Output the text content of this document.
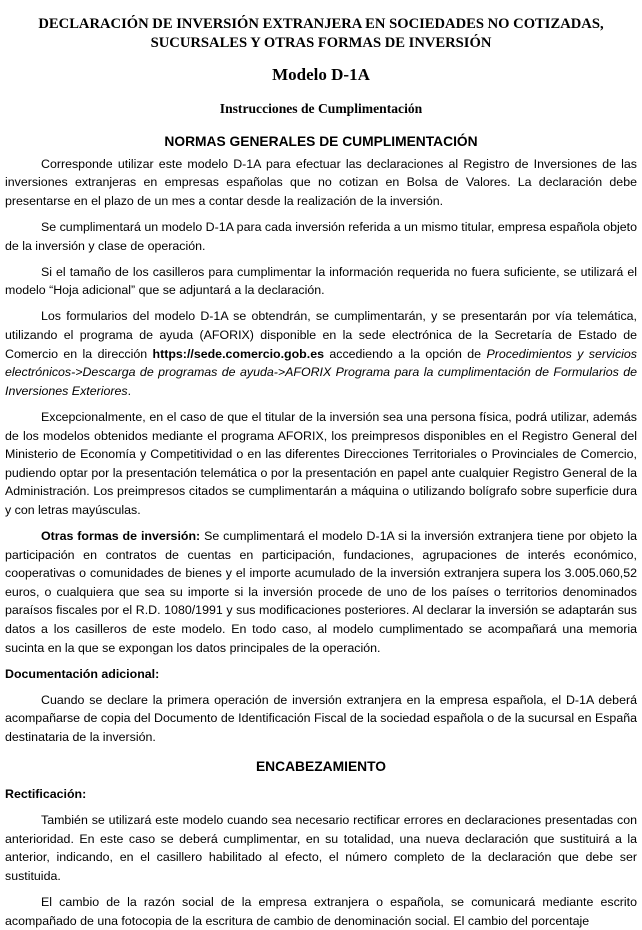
DECLARACIÓN DE INVERSIÓN EXTRANJERA EN SOCIEDADES NO COTIZADAS,
SUCURSALES Y OTRAS FORMAS DE INVERSIÓN
Modelo D-1A
Instrucciones de Cumplimentación
NORMAS GENERALES DE CUMPLIMENTACIÓN

Corresponde utilizar este modelo D-1A para efectuar las declaraciones al Registro de Inversiones de las inversiones extranjeras en empresas españolas que no cotizan en Bolsa de Valores. La declaración debe presentarse en el plazo de un mes a contar desde la realización de la inversión.

Se cumplimentará un modelo D-1A para cada inversión referida a un mismo titular, empresa española objeto de la inversión y clase de operación.

Si el tamaño de los casilleros para cumplimentar la información requerida no fuera suficiente, se utilizará el modelo “Hoja adicional” que se adjuntará a la declaración.

Los formularios del modelo D-1A se obtendrán, se cumplimentarán, y se presentarán por vía telemática, utilizando el programa de ayuda (AFORIX) disponible en la sede electrónica de la Secretaría de Estado de Comercio en la dirección https://sede.comercio.gob.es accediendo a la opción de Procedimientos y servicios electrónicos->Descarga de programas de ayuda->AFORIX Programa para la cumplimentación de Formularios de Inversiones Exteriores.

Excepcionalmente, en el caso de que el titular de la inversión sea una persona física, podrá utilizar, además de los modelos obtenidos mediante el programa AFORIX, los preimpresos disponibles en el Registro General del Ministerio de Economía y Competitividad o en las diferentes Direcciones Territoriales o Provinciales de Comercio, pudiendo optar por la presentación telemática o por la presentación en papel ante cualquier Registro General de la Administración. Los preimpresos citados se cumplimentarán a máquina o utilizando bolígrafo sobre superficie dura y con letras mayúsculas.

Otras formas de inversión: Se cumplimentará el modelo D-1A si la inversión extranjera tiene por objeto la participación en contratos de cuentas en participación, fundaciones, agrupaciones de interés económico, cooperativas o comunidades de bienes y el importe acumulado de la inversión extranjera supera los 3.005.060,52 euros, o cualquiera que sea su importe si la inversión procede de uno de los países o territorios denominados paraísos fiscales por el R.D. 1080/1991 y sus modificaciones posteriores. Al declarar la inversión se adaptarán sus datos a los casilleros de este modelo. En todo caso, al modelo cumplimentado se acompañará una memoria sucinta en la que se expongan los datos principales de la operación.

Documentación adicional:

Cuando se declare la primera operación de inversión extranjera en la empresa española, el D-1A deberá acompañarse de copia del Documento de Identificación Fiscal de la sociedad española o de la sucursal en España destinataria de la inversión.

ENCABEZAMIENTO

Rectificación:

También se utilizará este modelo cuando sea necesario rectificar errores en declaraciones presentadas con anterioridad. En este caso se deberá cumplimentar, en su totalidad, una nueva declaración que sustituirá a la anterior, indicando, en el casillero habilitado al efecto, el número completo de la declaración que debe ser sustituida.

El cambio de la razón social de la empresa extranjera o española, se comunicará mediante escrito acompañado de una fotocopia de la escritura de cambio de denominación social. El cambio del porcentaje
